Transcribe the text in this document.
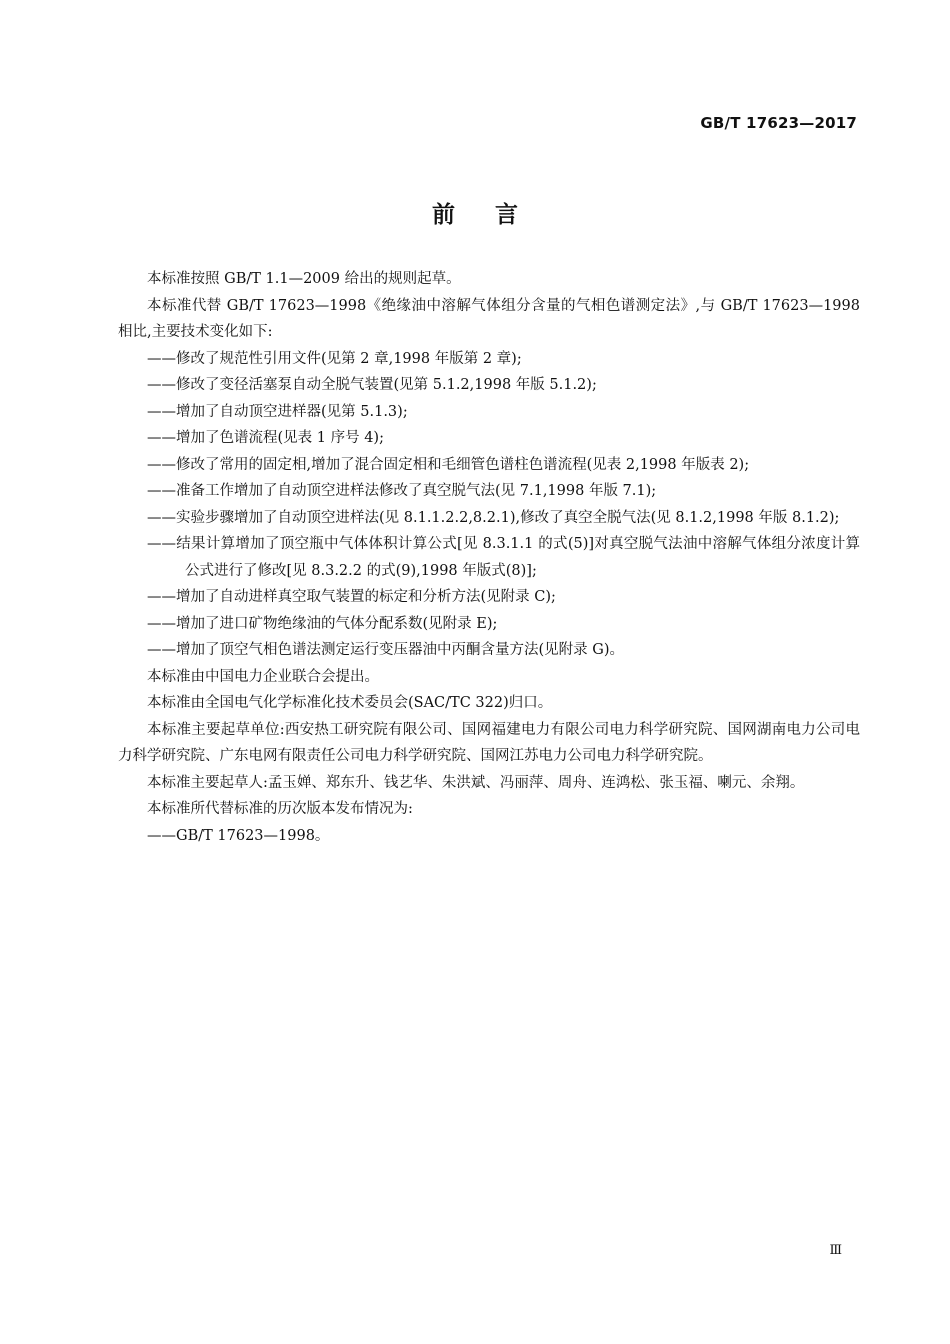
GB/T 17623—2017
前言

本标准按照 GB/T 1.1—2009 给出的规则起草。

本标准代替 GB/T 17623—1998《绝缘油中溶解气体组分含量的气相色谱测定法》,与 GB/T 17623—1998 相比,主要技术变化如下:

——修改了规范性引用文件(见第 2 章,1998 年版第 2 章);

——修改了变径活塞泵自动全脱气装置(见第 5.1.2,1998 年版 5.1.2);

——增加了自动顶空进样器(见第 5.1.3);

——增加了色谱流程(见表 1 序号 4);

——修改了常用的固定相,增加了混合固定相和毛细管色谱柱色谱流程(见表 2,1998 年版表 2);

——准备工作增加了自动顶空进样法修改了真空脱气法(见 7.1,1998 年版 7.1);

——实验步骤增加了自动顶空进样法(见 8.1.1.2.2,8.2.1),修改了真空全脱气法(见 8.1.2,1998 年版 8.1.2);

——结果计算增加了顶空瓶中气体体积计算公式[见 8.3.1.1 的式(5)]对真空脱气法油中溶解气体组分浓度计算公式进行了修改[见 8.3.2.2 的式(9),1998 年版式(8)];

——增加了自动进样真空取气装置的标定和分析方法(见附录 C);

——增加了进口矿物绝缘油的气体分配系数(见附录 E);

——增加了顶空气相色谱法测定运行变压器油中丙酮含量方法(见附录 G)。

本标准由中国电力企业联合会提出。

本标准由全国电气化学标准化技术委员会(SAC/TC 322)归口。

本标准主要起草单位:西安热工研究院有限公司、国网福建电力有限公司电力科学研究院、国网湖南电力公司电力科学研究院、广东电网有限责任公司电力科学研究院、国网江苏电力公司电力科学研究院。

本标准主要起草人:孟玉婵、郑东升、钱艺华、朱洪斌、冯丽萍、周舟、连鸿松、张玉福、喇元、余翔。

本标准所代替标准的历次版本发布情况为:

——GB/T 17623—1998。

Ⅲ
